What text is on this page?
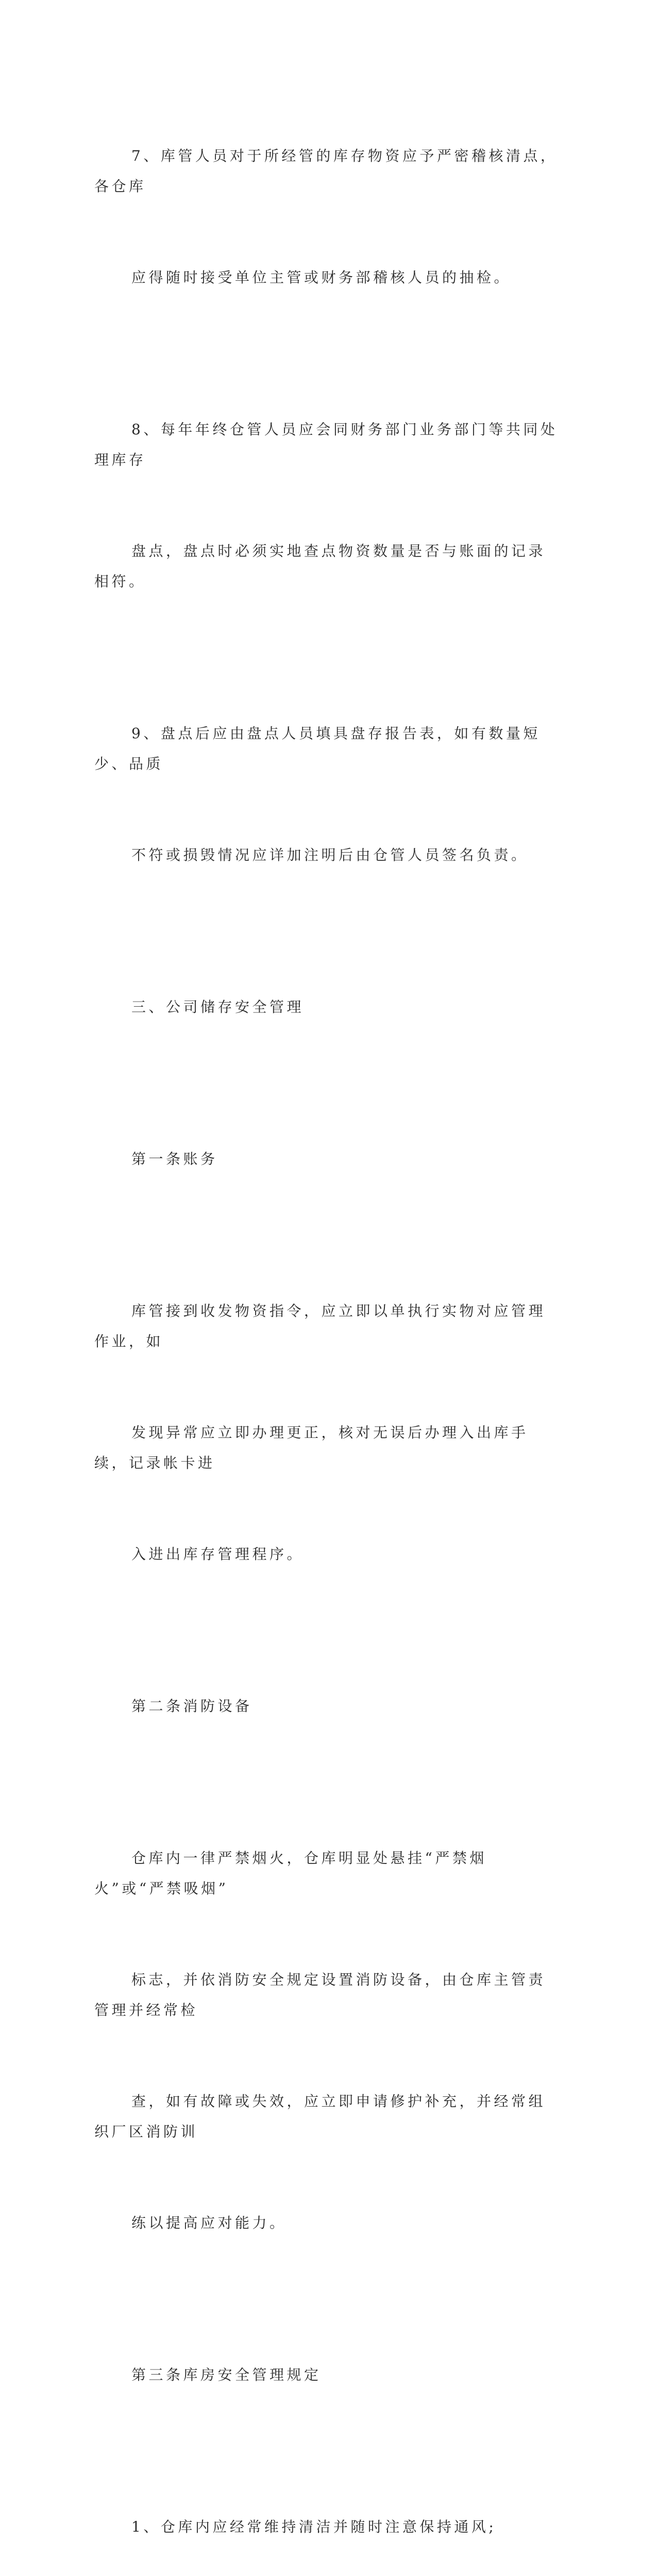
7、库管人员对于所经管的库存物资应予严密稽核清点，各仓库

应得随时接受单位主管或财务部稽核人员的抽检。

8、每年年终仓管人员应会同财务部门业务部门等共同处理库存

盘点，盘点时必须实地查点物资数量是否与账面的记录相符。

9、盘点后应由盘点人员填具盘存报告表，如有数量短少、品质

不符或损毁情况应详加注明后由仓管人员签名负责。

三、公司储存安全管理

第一条账务

库管接到收发物资指令，应立即以单执行实物对应管理作业，如

发现异常应立即办理更正，核对无误后办理入出库手续，记录帐卡进

入进出库存管理程序。

第二条消防设备

仓库内一律严禁烟火，仓库明显处悬挂“严禁烟火”或“严禁吸烟”

标志，并依消防安全规定设置消防设备，由仓库主管责管理并经常检

查，如有故障或失效，应立即申请修护补充，并经常组织厂区消防训

练以提高应对能力。

第三条库房安全管理规定

1、仓库内应经常维持清洁并随时注意保持通风;
